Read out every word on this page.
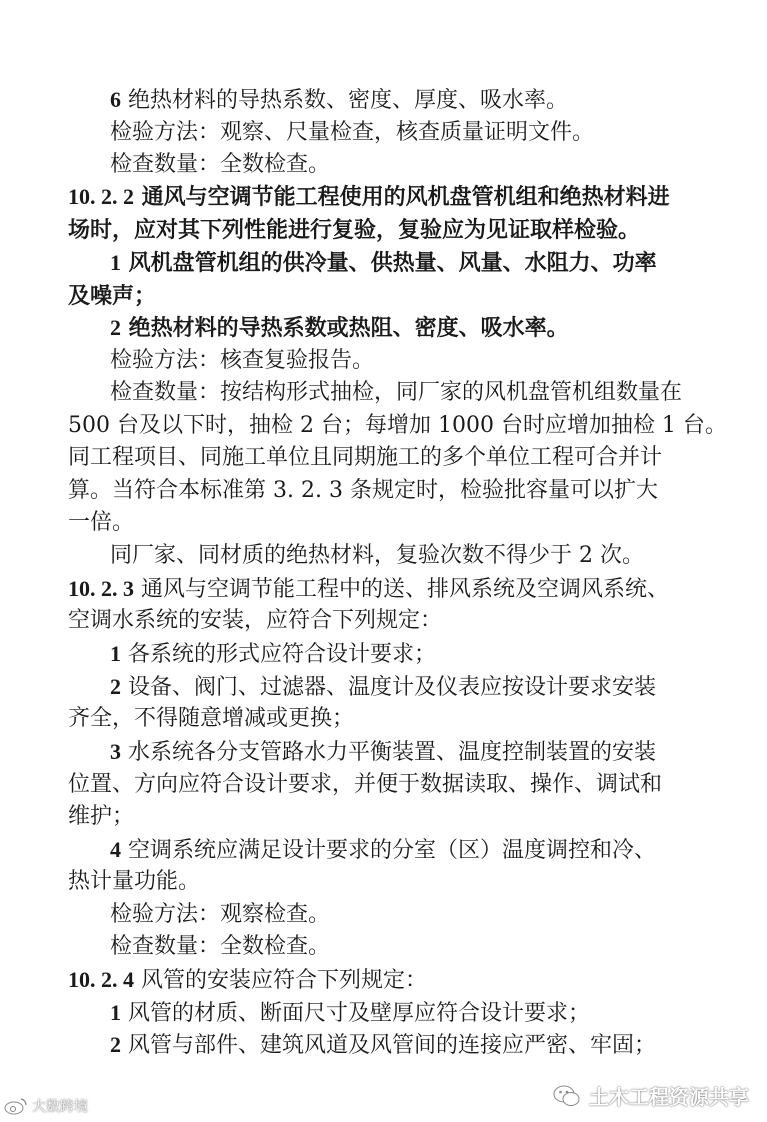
6 绝热材料的导热系数、密度、厚度、吸水率。
检验方法：观察、尺量检查，核查质量证明文件。
检查数量：全数检查。
10. 2. 2 通风与空调节能工程使用的风机盘管机组和绝热材料进
场时，应对其下列性能进行复验，复验应为见证取样检验。
1 风机盘管机组的供冷量、供热量、风量、水阻力、功率
及噪声；
2 绝热材料的导热系数或热阻、密度、吸水率。
检验方法：核查复验报告。
检查数量：按结构形式抽检，同厂家的风机盘管机组数量在
500 台及以下时，抽检 2 台；每增加 1000 台时应增加抽检 1 台。
同工程项目、同施工单位且同期施工的多个单位工程可合并计
算。当符合本标准第 3. 2. 3 条规定时，检验批容量可以扩大
一倍。
同厂家、同材质的绝热材料，复验次数不得少于 2 次。
10. 2. 3 通风与空调节能工程中的送、排风系统及空调风系统、
空调水系统的安装，应符合下列规定：
1 各系统的形式应符合设计要求；
2 设备、阀门、过滤器、温度计及仪表应按设计要求安装
齐全，不得随意增减或更换；
3 水系统各分支管路水力平衡装置、温度控制装置的安装
位置、方向应符合设计要求，并便于数据读取、操作、调试和
维护；
4 空调系统应满足设计要求的分室（区）温度调控和冷、
热计量功能。
检验方法：观察检查。
检查数量：全数检查。
10. 2. 4 风管的安装应符合下列规定：
1 风管的材质、断面尺寸及壁厚应符合设计要求；
2 风管与部件、建筑风道及风管间的连接应严密、牢固；
土木工程资源共享
大数跨境
